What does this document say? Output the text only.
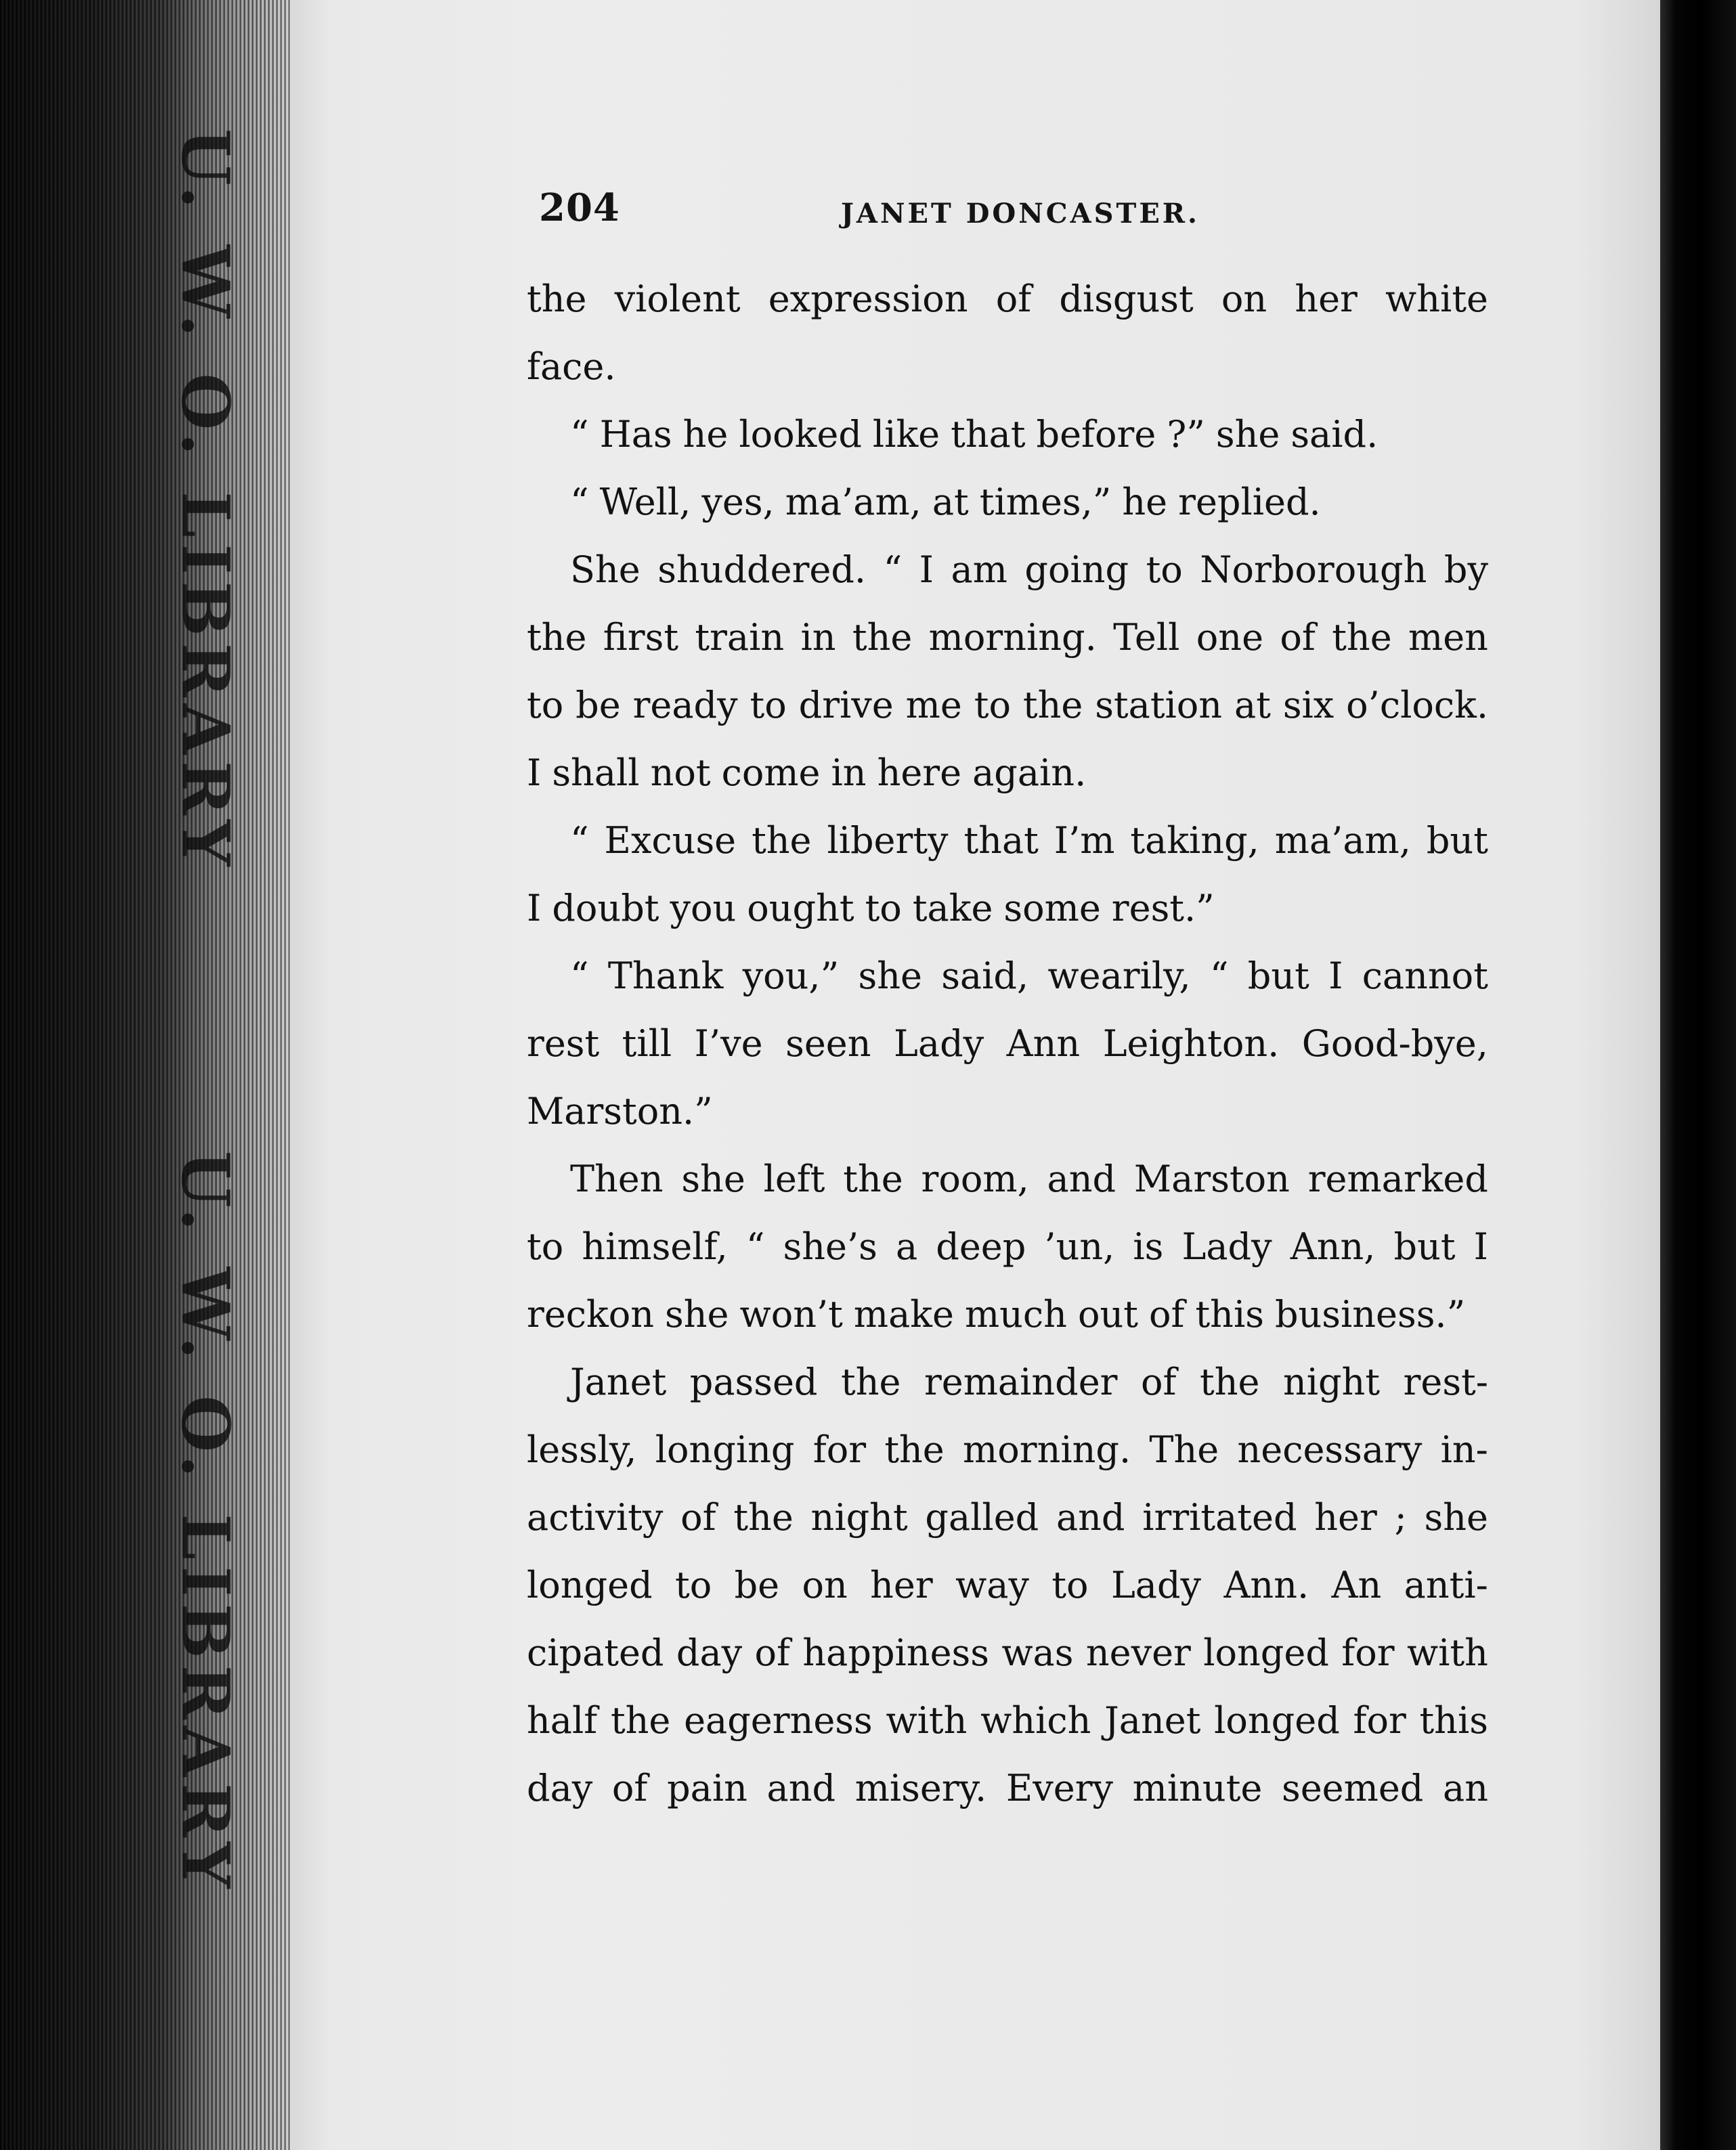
U. W. O. LIBRARY
U. W. O. LIBRARY
204	JANET DONCASTER.
the violent expression of disgust on her white
face.
“ Has he looked like that before ?” she said.
“ Well, yes, ma’am, at times,” he replied.
She shuddered. “ I am going to Norborough by
the first train in the morning. Tell one of the men
to be ready to drive me to the station at six o’clock.
I shall not come in here again.
“ Excuse the liberty that I’m taking, ma’am, but
I doubt you ought to take some rest.”
“ Thank you,” she said, wearily, “ but I cannot
rest till I’ve seen Lady Ann Leighton. Good-bye,
Marston.”
Then she left the room, and Marston remarked
to himself, “ she’s a deep ’un, is Lady Ann, but I
reckon she won’t make much out of this business.”
Janet passed the remainder of the night rest-
lessly, longing for the morning. The necessary in-
activity of the night galled and irritated her ; she
longed to be on her way to Lady Ann. An anti-
cipated day of happiness was never longed for with
half the eagerness with which Janet longed for this
day of pain and misery. Every minute seemed an
